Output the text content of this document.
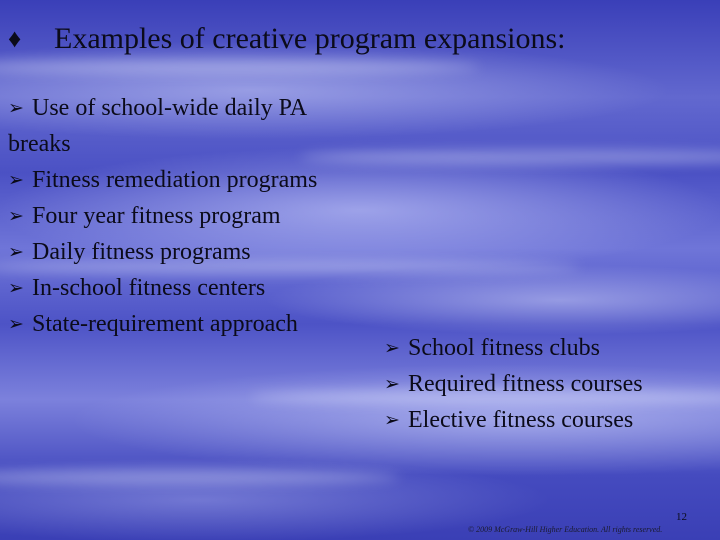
♦	Examples of creative program expansions:
➢ Use of school-wide daily PA
breaks
➢ Fitness remediation programs
➢ Four year fitness program
➢ Daily fitness programs
➢ In-school fitness centers
➢ State-requirement approach
➢ School fitness clubs
➢ Required fitness courses
➢ Elective fitness courses
12
© 2009 McGraw-Hill Higher Education. All rights reserved.
